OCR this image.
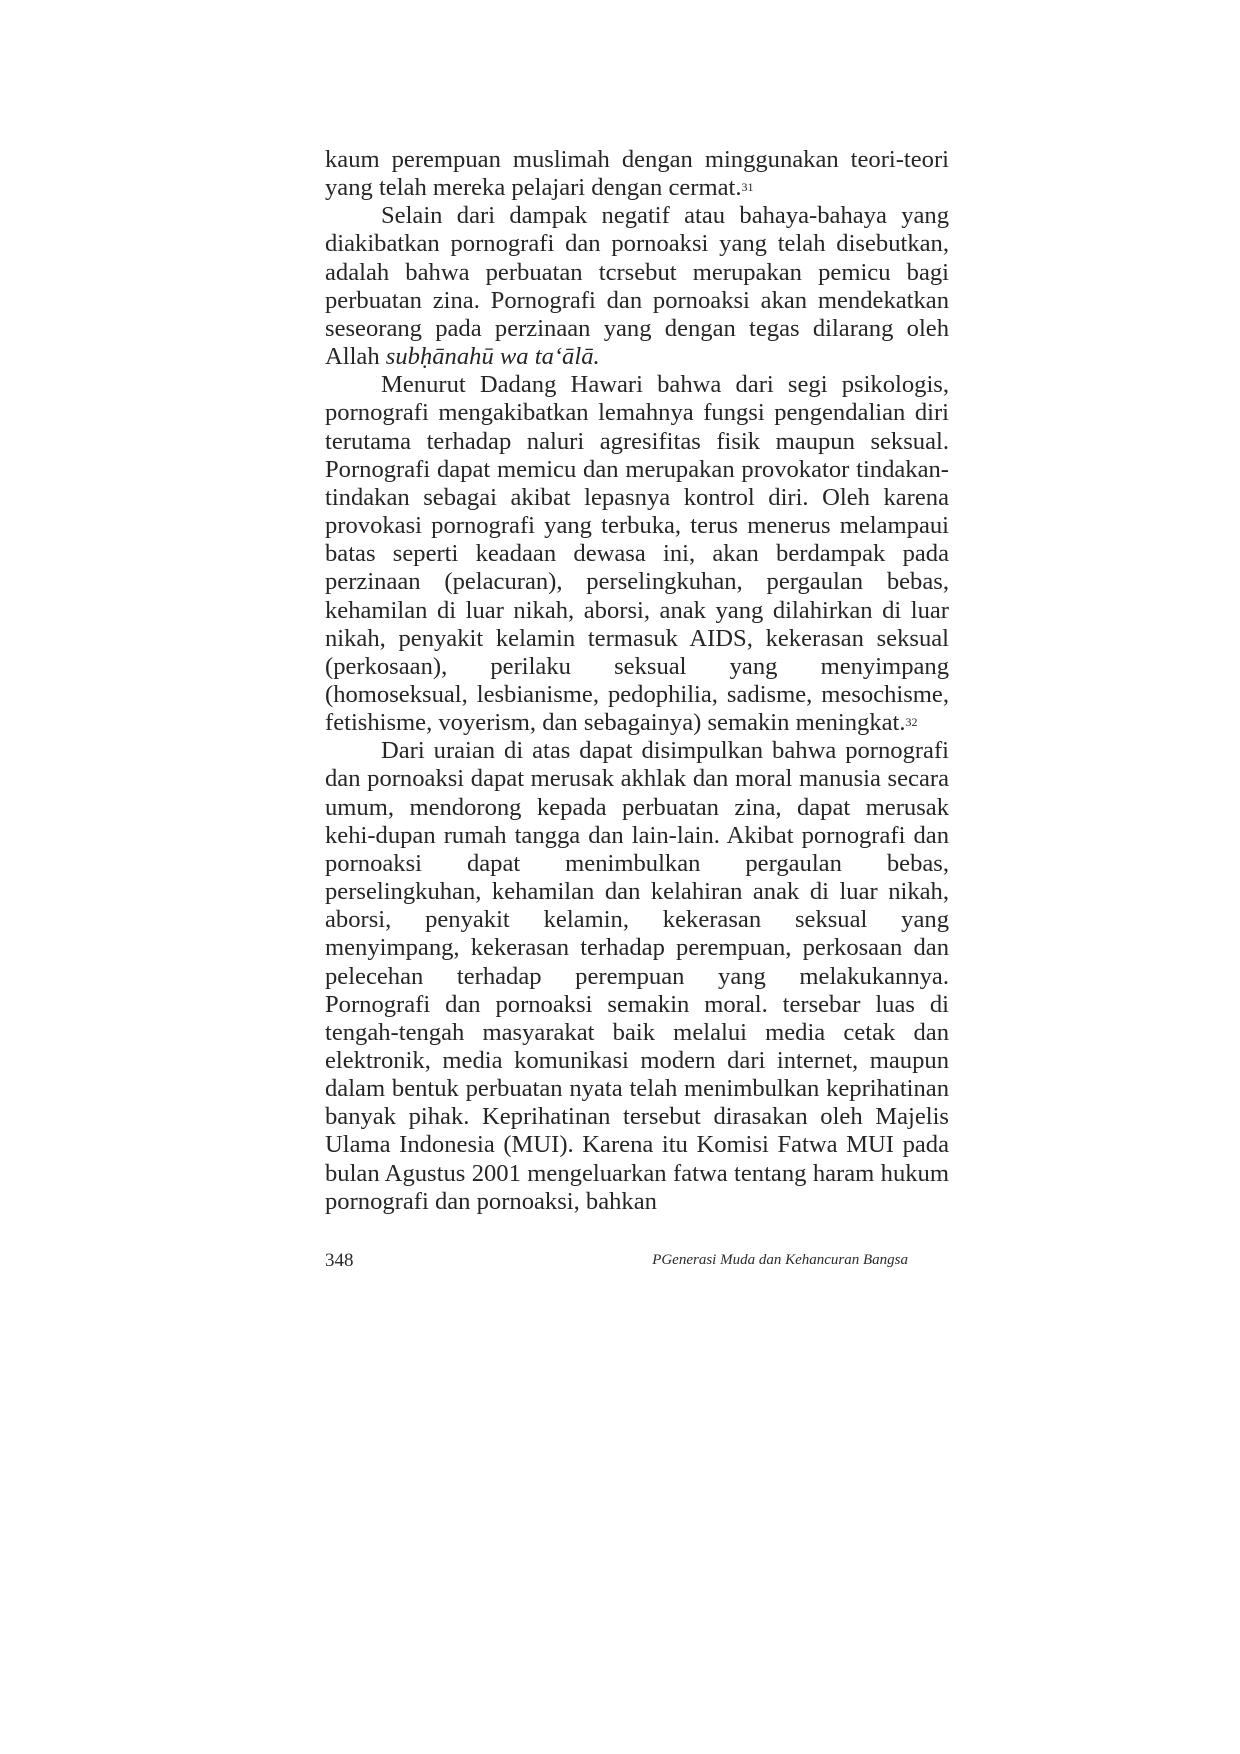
kaum perempuan muslimah dengan minggunakan teori-teori yang telah mereka pelajari dengan cermat.$^{31}$

Selain dari dampak negatif atau bahaya-bahaya yang diakibatkan pornografi dan pornoaksi yang telah disebutkan, adalah bahwa perbuatan tcrsebut merupakan pemicu bagi perbuatan zina. Pornografi dan pornoaksi akan mendekatkan seseorang pada perzinaan yang dengan tegas dilarang oleh Allah subḥānahū wa taʻālā.

Menurut Dadang Hawari bahwa dari segi psikologis, pornografi mengakibatkan lemahnya fungsi pengendalian diri terutama terhadap naluri agresifitas fisik maupun seksual. Pornografi dapat memicu dan merupakan provokator tindakan-tindakan sebagai akibat lepasnya kontrol diri. Oleh karena provokasi pornografi yang terbuka, terus menerus melampaui batas seperti keadaan dewasa ini, akan berdampak pada perzinaan (pelacuran), perselingkuhan, pergaulan bebas, kehamilan di luar nikah, aborsi, anak yang dilahirkan di luar nikah, penyakit kelamin termasuk AIDS, kekerasan seksual (perkosaan), perilaku seksual yang menyimpang (homoseksual, lesbianisme, pedophilia, sadisme, mesochisme, fetishisme, voyerism, dan sebagainya) semakin meningkat.$^{32}$

Dari uraian di atas dapat disimpulkan bahwa pornografi dan pornoaksi dapat merusak akhlak dan moral manusia secara umum, mendorong kepada perbuatan zina, dapat merusak kehi-dupan rumah tangga dan lain-lain. Akibat pornografi dan pornoaksi dapat menimbulkan pergaulan bebas, perselingkuhan, kehamilan dan kelahiran anak di luar nikah, aborsi, penyakit kelamin, kekerasan seksual yang menyimpang, kekerasan terhadap perempuan, perkosaan dan pelecehan terhadap perempuan yang melakukannya. Pornografi dan pornoaksi semakin moral. tersebar luas di tengah-tengah masyarakat baik melalui media cetak dan elektronik, media komunikasi modern dari internet, maupun dalam bentuk perbuatan nyata telah menimbulkan keprihatinan banyak pihak. Keprihatinan tersebut dirasakan oleh Majelis Ulama Indonesia (MUI). Karena itu Komisi Fatwa MUI pada bulan Agustus 2001 mengeluarkan fatwa tentang haram hukum pornografi dan pornoaksi, bahkan

348	PGenerasi Muda dan Kehancuran Bangsa
